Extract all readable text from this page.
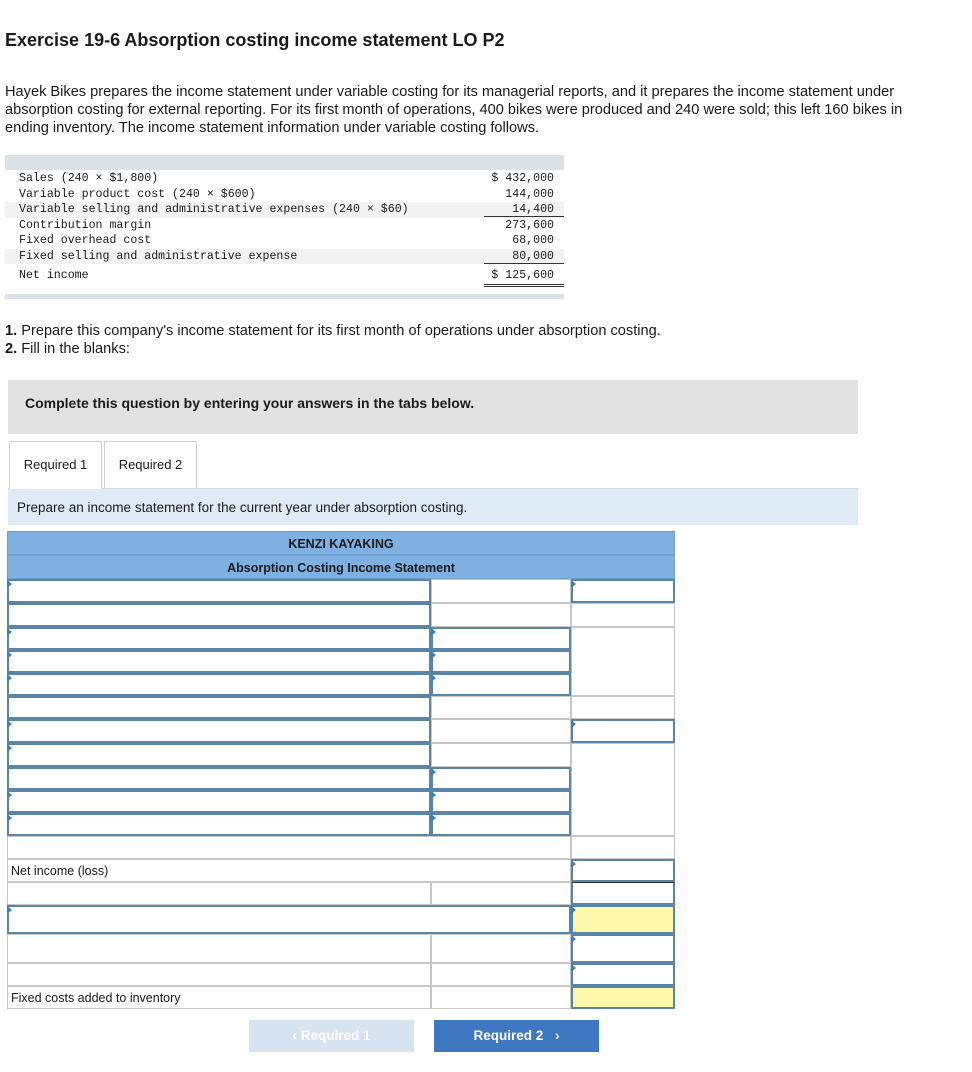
Exercise 19-6 Absorption costing income statement LO P2

Hayek Bikes prepares the income statement under variable costing for its managerial reports, and it prepares the income statement under absorption costing for external reporting. For its first month of operations, 400 bikes were produced and 240 were sold; this left 160 bikes in ending inventory. The income statement information under variable costing follows.

Sales (240 × $1,800)	$ 432,000
Variable product cost (240 × $600)	144,000
Variable selling and administrative expenses (240 × $60)	14,400
Contribution margin	273,600
Fixed overhead cost	68,000
Fixed selling and administrative expense	80,000
Net income	$ 125,600
1. Prepare this company's income statement for its first month of operations under absorption costing.
2. Fill in the blanks:
Complete this question by entering your answers in the tabs below.
Required 1	Required 2
Prepare an income statement for the current year under absorption costing.
KENZI KAYAKING
Absorption Costing Income Statement
Net income (loss)
Fixed costs added to inventory
‹ Required 1	Required 2 ›
